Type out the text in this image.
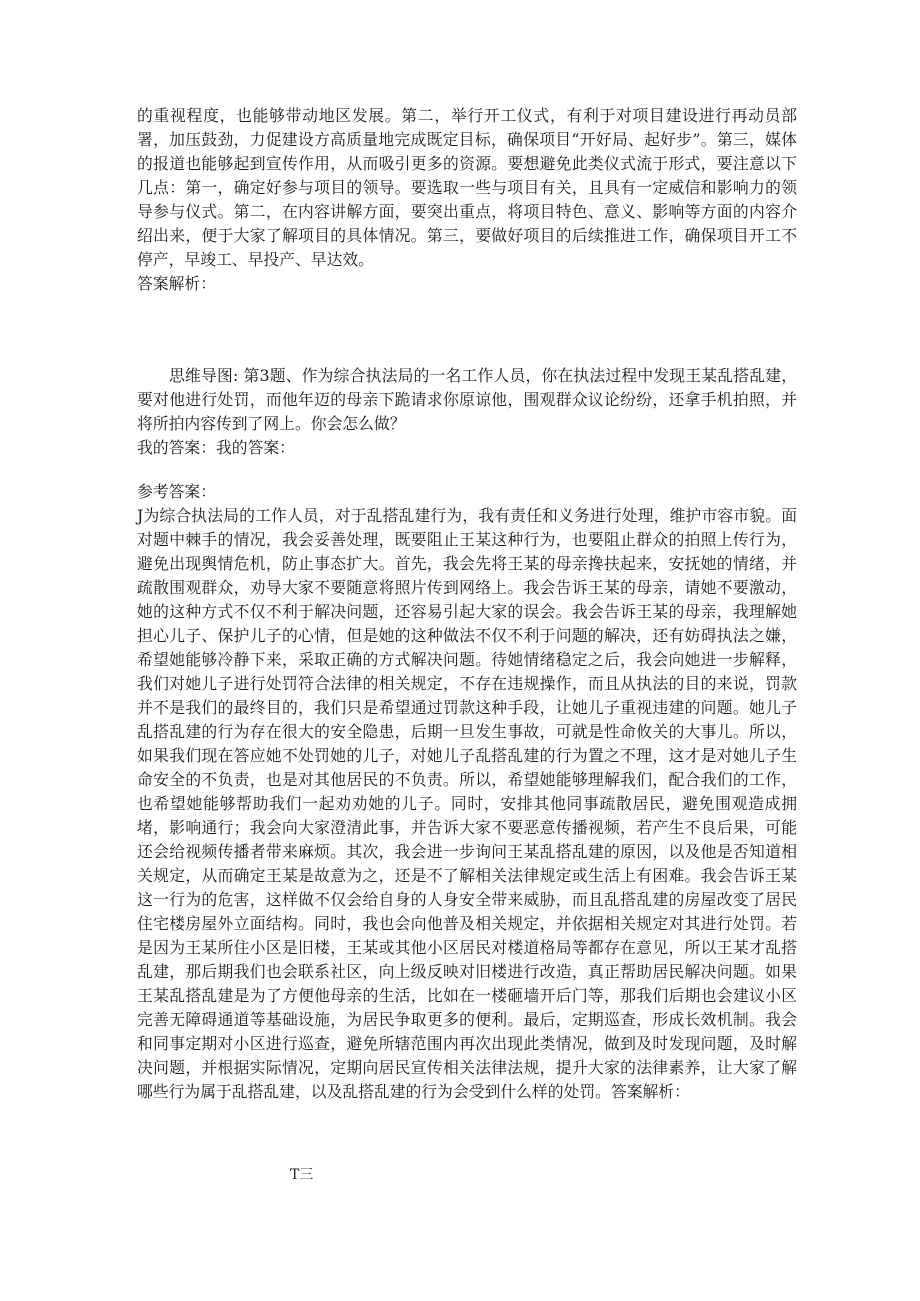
的重视程度，也能够带动地区发展。第二，举行开工仪式，有利于对项目建设进行再动员部署，加压鼓劲，力促建设方高质量地完成既定目标，确保项目“开好局、起好步”。第三，媒体的报道也能够起到宣传作用，从而吸引更多的资源。要想避免此类仪式流于形式，要注意以下几点：第一，确定好参与项目的领导。要选取一些与项目有关，且具有一定威信和影响力的领导参与仪式。第二，在内容讲解方面，要突出重点，将项目特色、意义、影响等方面的内容介绍出来，便于大家了解项目的具体情况。第三，要做好项目的后续推进工作，确保项目开工不停产，早竣工、早投产、早达效。

答案解析：

思维导图: 第3题、作为综合执法局的一名工作人员，你在执法过程中发现王某乱搭乱建，要对他进行处罚，而他年迈的母亲下跪请求你原谅他，围观群众议论纷纷，还拿手机拍照，并将所拍内容传到了网上。你会怎么做？

我的答案：我的答案：

参考答案：

J为综合执法局的工作人员，对于乱搭乱建行为，我有责任和义务进行处理，维护市容市貌。面对题中棘手的情况，我会妥善处理，既要阻止王某这种行为，也要阻止群众的拍照上传行为，避免出现舆情危机，防止事态扩大。首先，我会先将王某的母亲搀扶起来，安抚她的情绪，并疏散围观群众，劝导大家不要随意将照片传到网络上。我会告诉王某的母亲，请她不要激动，她的这种方式不仅不利于解决问题，还容易引起大家的误会。我会告诉王某的母亲，我理解她担心儿子、保护儿子的心情，但是她的这种做法不仅不利于问题的解决，还有妨碍执法之嫌，希望她能够冷静下来，采取正确的方式解决问题。待她情绪稳定之后，我会向她进一步解释，我们对她儿子进行处罚符合法律的相关规定，不存在违规操作，而且从执法的目的来说，罚款并不是我们的最终目的，我们只是希望通过罚款这种手段，让她儿子重视违建的问题。她儿子乱搭乱建的行为存在很大的安全隐患，后期一旦发生事故，可就是性命攸关的大事儿。所以，如果我们现在答应她不处罚她的儿子，对她儿子乱搭乱建的行为置之不理，这才是对她儿子生命安全的不负责，也是对其他居民的不负责。所以，希望她能够理解我们，配合我们的工作，也希望她能够帮助我们一起劝劝她的儿子。同时，安排其他同事疏散居民，避免围观造成拥堵，影响通行；我会向大家澄清此事，并告诉大家不要恶意传播视频，若产生不良后果，可能还会给视频传播者带来麻烦。其次，我会进一步询问王某乱搭乱建的原因，以及他是否知道相关规定，从而确定王某是故意为之，还是不了解相关法律规定或生活上有困难。我会告诉王某这一行为的危害，这样做不仅会给自身的人身安全带来威胁，而且乱搭乱建的房屋改变了居民住宅楼房屋外立面结构。同时，我也会向他普及相关规定，并依据相关规定对其进行处罚。若是因为王某所住小区是旧楼，王某或其他小区居民对楼道格局等都存在意见，所以王某才乱搭乱建，那后期我们也会联系社区，向上级反映对旧楼进行改造，真正帮助居民解决问题。如果王某乱搭乱建是为了方便他母亲的生活，比如在一楼砸墙开后门等，那我们后期也会建议小区完善无障碍通道等基础设施，为居民争取更多的便利。最后，定期巡查，形成长效机制。我会和同事定期对小区进行巡查，避免所辖范围内再次出现此类情况，做到及时发现问题，及时解决问题，并根据实际情况，定期向居民宣传相关法律法规，提升大家的法律素养，让大家了解哪些行为属于乱搭乱建，以及乱搭乱建的行为会受到什么样的处罚。答案解析：

T三
